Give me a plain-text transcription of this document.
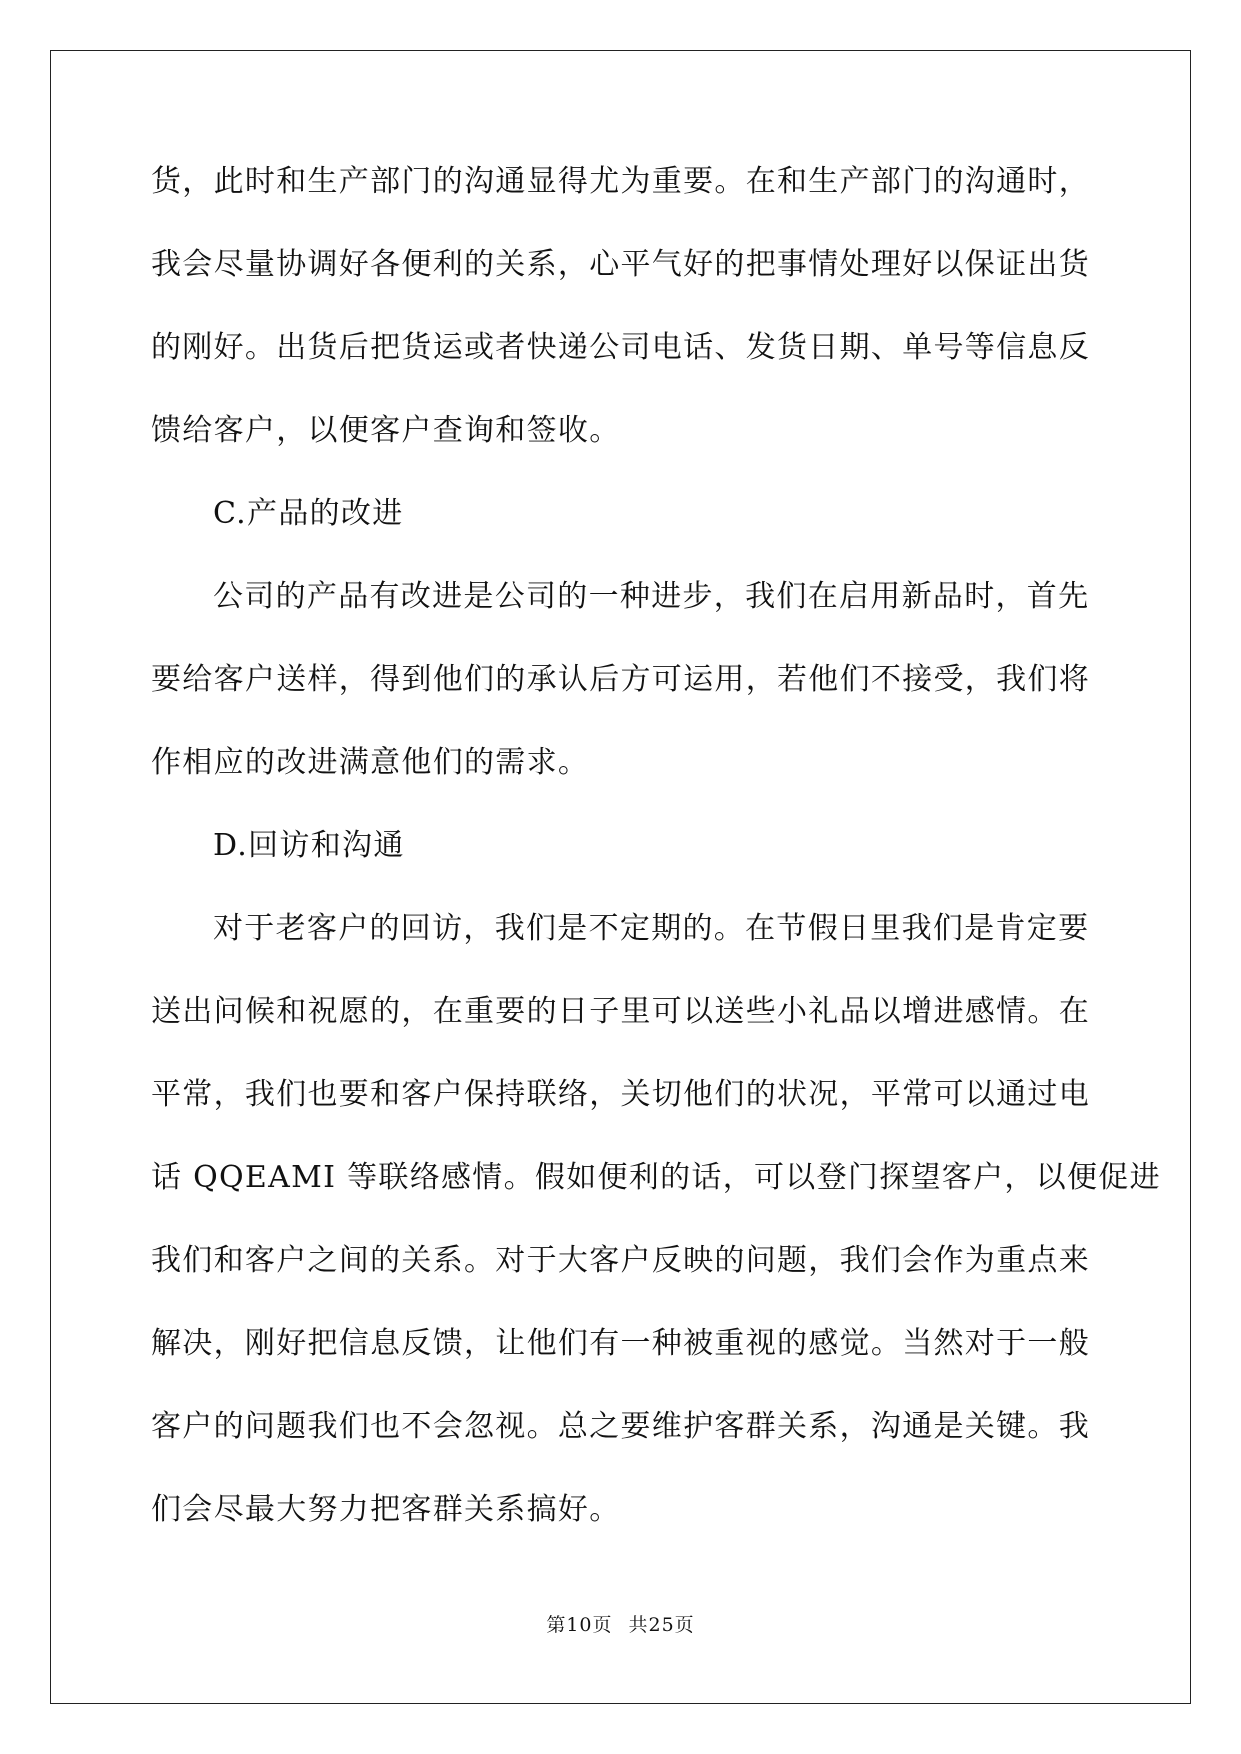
货，此时和生产部门的沟通显得尤为重要。在和生产部门的沟通时，
我会尽量协调好各便利的关系，心平气好的把事情处理好以保证出货
的刚好。出货后把货运或者快递公司电话、发货日期、单号等信息反
馈给客户，以便客户查询和签收。
C.产品的改进
公司的产品有改进是公司的一种进步，我们在启用新品时，首先
要给客户送样，得到他们的承认后方可运用，若他们不接受，我们将
作相应的改进满意他们的需求。
D.回访和沟通
对于老客户的回访，我们是不定期的。在节假日里我们是肯定要
送出问候和祝愿的，在重要的日子里可以送些小礼品以增进感情。在
平常，我们也要和客户保持联络，关切他们的状况，平常可以通过电
话 QQEAMI 等联络感情。假如便利的话，可以登门探望客户，以便促进
我们和客户之间的关系。对于大客户反映的问题，我们会作为重点来
解决，刚好把信息反馈，让他们有一种被重视的感觉。当然对于一般
客户的问题我们也不会忽视。总之要维护客群关系，沟通是关键。我
们会尽最大努力把客群关系搞好。
第10页 共25页
